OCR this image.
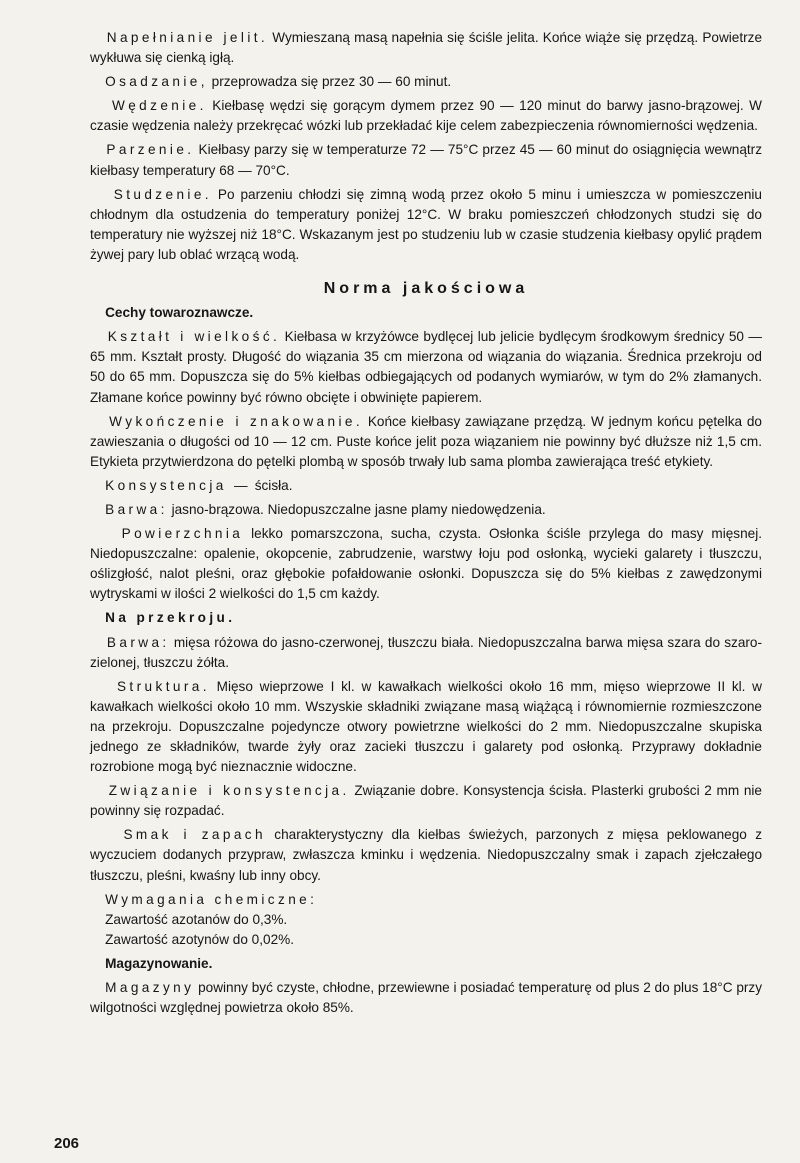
Napełnianie jelit. Wymieszaną masą napełnia się ściśle jelita. Końce wiąże się przędzą. Powietrze wykłuwa się cienką igłą.

Osadzanie, przeprowadza się przez 30 — 60 minut.

Wędzenie. Kiełbasę wędzi się gorącym dymem przez 90 — 120 minut do barwy jasno-brązowej. W czasie wędzenia należy przekręcać wózki lub przekładać kije celem zabezpieczenia równomierności wędzenia.

Parzenie. Kiełbasy parzy się w temperaturze 72 — 75°C przez 45 — 60 minut do osiągnięcia wewnątrz kiełbasy temperatury 68 — 70°C.

Studzenie. Po parzeniu chłodzi się zimną wodą przez około 5 minu i umieszcza w pomieszczeniu chłodnym dla ostudzenia do temperatury poniżej 12°C. W braku pomieszczeń chłodzonych studzi się do temperatury nie wyższej niż 18°C. Wskazanym jest po studzeniu lub w czasie studzenia kiełbasy opylić prądem żywej pary lub oblać wrzącą wodą.

Norma jakościowa

Cechy towaroznawcze.

Kształt i wielkość. Kiełbasa w krzyżówce bydlęcej lub jelicie bydlęcym środkowym średnicy 50 — 65 mm. Kształt prosty. Długość do wiązania 35 cm mierzona od wiązania do wiązania. Średnica przekroju od 50 do 65 mm. Dopuszcza się do 5% kiełbas odbiegających od podanych wymiarów, w tym do 2% złamanych. Złamane końce powinny być równo obcięte i obwinięte papierem.

Wykończenie i znakowanie. Końce kiełbasy zawiązane przędzą. W jednym końcu pętelka do zawieszania o długości od 10 — 12 cm. Puste końce jelit poza wiązaniem nie powinny być dłuższe niż 1,5 cm. Etykieta przytwierdzona do pętelki plombą w sposób trwały lub sama plomba zawierająca treść etykiety.

Konsystencja — ścisła.

Barwa: jasno-brązowa. Niedopuszczalne jasne plamy niedowędzenia.

Powierzchnia lekko pomarszczona, sucha, czysta. Osłonka ściśle przylega do masy mięsnej. Niedopuszczalne: opalenie, okopcenie, zabrudzenie, warstwy łoju pod osłonką, wycieki galarety i tłuszczu, oślizgłość, nalot pleśni, oraz głębokie pofałdowanie osłonki. Dopuszcza się do 5% kiełbas z zawędzonymi wytryskami w ilości 2 wielkości do 1,5 cm każdy.

Na przekroju.

Barwa: mięsa różowa do jasno-czerwonej, tłuszczu biała. Niedopuszczalna barwa mięsa szara do szaro-zielonej, tłuszczu żółta.

Struktura. Mięso wieprzowe I kl. w kawałkach wielkości około 16 mm, mięso wieprzowe II kl. w kawałkach wielkości około 10 mm. Wszyskie składniki związane masą wiążącą i równomiernie rozmieszczone na przekroju. Dopuszczalne pojedyncze otwory powietrzne wielkości do 2 mm. Niedopuszczalne skupiska jednego ze składników, twarde żyły oraz zacieki tłuszczu i galarety pod osłonką. Przyprawy dokładnie rozrobione mogą być nieznacznie widoczne.

Związanie i konsystencja. Związanie dobre. Konsystencja ścisła. Plasterki grubości 2 mm nie powinny się rozpadać.

Smak i zapach charakterystyczny dla kiełbas świeżych, parzonych z mięsa peklowanego z wyczuciem dodanych przypraw, zwłaszcza kminku i wędzenia. Niedopuszczalny smak i zapach zjełczałego tłuszczu, pleśni, kwaśny lub inny obcy.

Wymagania chemiczne:

Zawartość azotanów do 0,3%.

Zawartość azotynów do 0,02%.

Magazynowanie.

Magazyny powinny być czyste, chłodne, przewiewne i posiadać temperaturę od plus 2 do plus 18°C przy wilgotności względnej powietrza około 85%.

206
